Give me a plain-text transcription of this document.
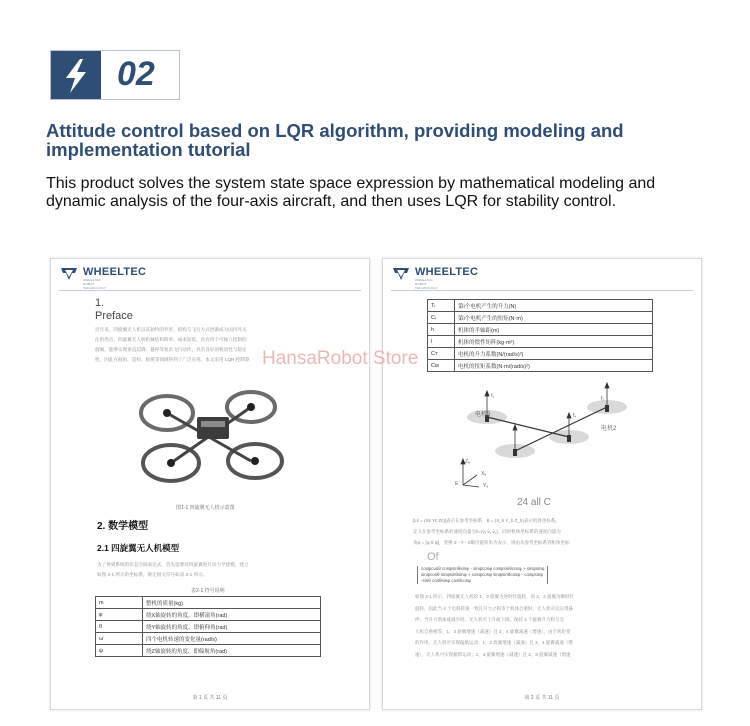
02
Attitude control based on LQR algorithm, providing modeling and implementation tutorial
This product solves the system state space expression by mathematical modeling and dynamic analysis of the four-axis aircraft, and then uses LQR for stability control.
WHEELTEC
WHEELTEC ROBOT TECHNOLOGY
1.
Preface
近年来，四旋翼无人机以其独特的外形、结构与飞行方式逐渐成为国内外关
注的热点，四旋翼无人机机械结构简单、成本较低，具有四个可独立控制的
旋翼，能够实现垂直起降、悬停等复杂飞行动作，具有良好的机动性与稳定
性，因此在航拍、巡检、救援等领域得到了广泛应用。本文采用 LQR 控制算
图1-1 四旋翼无人机示意图
2. 数学模型
2.1 四旋翼无人机模型
为了得到系统的状态空间表达式，首先需要对四旋翼进行动力学建模，建立
如图 2-1 所示的坐标系，规定相关符号如表 2-1 所示。
表2-1 符号说明
m	整机的质量(kg)
φ	绕X轴旋转的角度，即横滚角(rad)
θ	绕Y轴旋转的角度，即俯仰角(rad)
ω̇	四个电机转速的变化量(rad/s)
ψ	绕Z轴旋转的角度，即偏航角(rad)
第 1 页 共 11 页
WHEELTEC
WHEELTEC ROBOT TECHNOLOGY
Tᵢ	第i个电机产生的升力(N)
Cᵢ	第i个电机产生的扭矩(N·m)
h	机体的半轴距(m)
I	机体的惯性矩阵(kg·m²)
Cᴛ	电机的升力系数(N/(rad/s)²)
Cᴍ	电机的扭矩系数(N·m/(rad/s)²)
电机3
电机2
f₁
f₂
f₃
f₄
Zₑ
Xₑ
Yₑ
E
24 all C
[Lᴇ = (Xᴇ Yᴇ Zᴇ)]表示在参考坐标系，B = (X_b Y_b Z_b)表示机体坐标系。
定义在参考坐标系的速度向量为ṽ=(v̇ₓ v̇ᵧ v̇ᵤ)，同时机体坐标系的速度向量为
角φ = [φ θ ψ]，变换 Z - Y - X顺序旋转角为表示，则由从参考坐标系到机体坐标
Of
cosψcosθ cosψsinθsinφ - sinψcosφ cosψsinθcosφ + sinψsinφ
sinψcosθ sinψsinθsinφ + cosψcosφ sinψsinθcosφ - cosψsinφ
-sinθ cosθsinφ cosθcosφ
如图 2-1 所示，四旋翼无人机的 1，3 旋翼为逆时针旋转，而 2，4 旋翼为顺时针
旋转，因此当 4 个电机转速一致且升力之和等于机体自重时，无人机可以实现悬
停。当升力增加或减少时，无人机可上升或下降，保持 4 个旋翼升力和与无
人机自重相等，1，3 旋翼增速（减速）且 2，4 旋翼减速（增速），由于转矩变
的作用，无人机可实现偏航运动；1，2 旋翼增速（减速）且 3，4 旋翼减速（增
速），无人机可实现俯仰运动；1，4 旋翼增速（减速）且 2，3 旋翼减速（增速
第 2 页 共 11 页
HansaRobot Store
